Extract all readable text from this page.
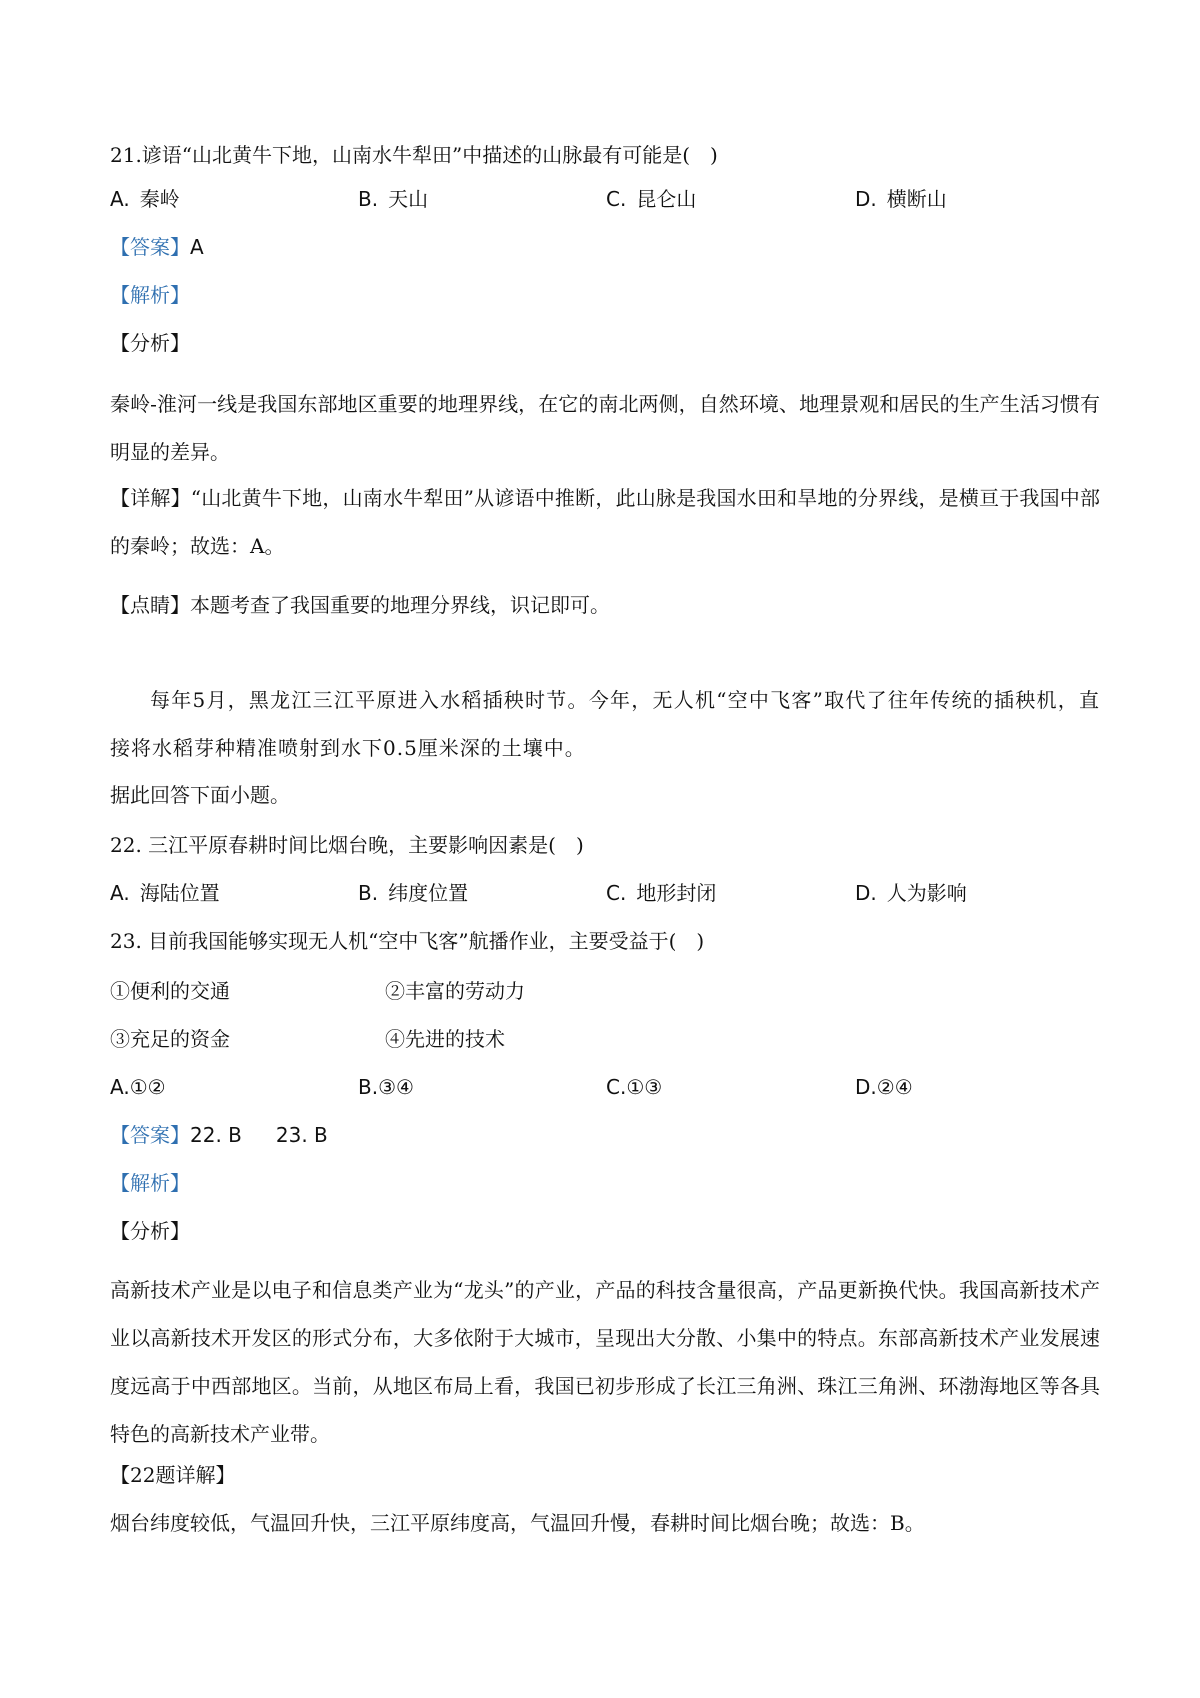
21.谚语“山北黄牛下地，山南水牛犁田”中描述的山脉最有可能是(　)
A. 秦岭	B. 天山	C. 昆仑山	D. 横断山
【答案】A
【解析】
【分析】
秦岭-淮河一线是我国东部地区重要的地理界线，在它的南北两侧，自然环境、地理景观和居民的生产生活习惯有明显的差异。
【详解】“山北黄牛下地，山南水牛犁田”从谚语中推断，此山脉是我国水田和旱地的分界线，是横亘于我国中部的秦岭；故选：A。
【点睛】本题考查了我国重要的地理分界线，识记即可。
每年5月，黑龙江三江平原进入水稻插秧时节。今年，无人机“空中飞客”取代了往年传统的插秧机，直接将水稻芽种精准喷射到水下0.5厘米深的土壤中。
据此回答下面小题。
22. 三江平原春耕时间比烟台晚，主要影响因素是(　)
A. 海陆位置	B. 纬度位置	C. 地形封闭	D. 人为影响
23. 目前我国能够实现无人机“空中飞客”航播作业，主要受益于(　)
①便利的交通	②丰富的劳动力
③充足的资金	④先进的技术
A.①②	B.③④	C.①③	D.②④
【答案】22. B 23. B
【解析】
【分析】
高新技术产业是以电子和信息类产业为“龙头”的产业，产品的科技含量很高，产品更新换代快。我国高新技术产业以高新技术开发区的形式分布，大多依附于大城市，呈现出大分散、小集中的特点。东部高新技术产业发展速度远高于中西部地区。当前，从地区布局上看，我国已初步形成了长江三角洲、珠江三角洲、环渤海地区等各具特色的高新技术产业带。
【22题详解】
烟台纬度较低，气温回升快，三江平原纬度高，气温回升慢，春耕时间比烟台晚；故选：B。
